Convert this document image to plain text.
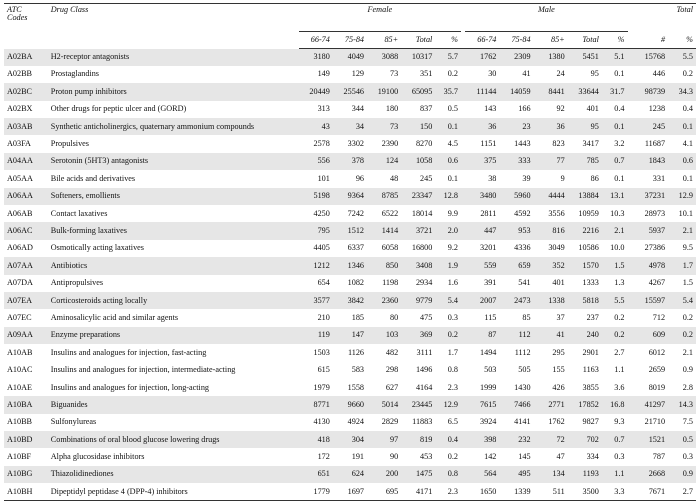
ATC
Codes	Drug Class	Female						Male						Total	
		66-74	75-84	85+	Total	%		66-74	75-84	85+	Total	%		#	%
A02BA	H2-receptor antagonists	3180	4049	3088	10317	5.7		1762	2309	1380	5451	5.1		15768	5.5
A02BB	Prostaglandins	149	129	73	351	0.2		30	41	24	95	0.1		446	0.2
A02BC	Proton pump inhibitors	20449	25546	19100	65095	35.7		11144	14059	8441	33644	31.7		98739	34.3
A02BX	Other drugs for peptic ulcer and (GORD)	313	344	180	837	0.5		143	166	92	401	0.4		1238	0.4
A03AB	Synthetic anticholinergics, quaternary ammonium compounds	43	34	73	150	0.1		36	23	36	95	0.1		245	0.1
A03FA	Propulsives	2578	3302	2390	8270	4.5		1151	1443	823	3417	3.2		11687	4.1
A04AA	Serotonin (5HT3) antagonists	556	378	124	1058	0.6		375	333	77	785	0.7		1843	0.6
A05AA	Bile acids and derivatives	101	96	48	245	0.1		38	39	9	86	0.1		331	0.1
A06AA	Softeners, emollients	5198	9364	8785	23347	12.8		3480	5960	4444	13884	13.1		37231	12.9
A06AB	Contact laxatives	4250	7242	6522	18014	9.9		2811	4592	3556	10959	10.3		28973	10.1
A06AC	Bulk-forming laxatives	795	1512	1414	3721	2.0		447	953	816	2216	2.1		5937	2.1
A06AD	Osmotically acting laxatives	4405	6337	6058	16800	9.2		3201	4336	3049	10586	10.0		27386	9.5
A07AA	Antibiotics	1212	1346	850	3408	1.9		559	659	352	1570	1.5		4978	1.7
A07DA	Antipropulsives	654	1082	1198	2934	1.6		391	541	401	1333	1.3		4267	1.5
A07EA	Corticosteroids acting locally	3577	3842	2360	9779	5.4		2007	2473	1338	5818	5.5		15597	5.4
A07EC	Aminosalicylic acid and similar agents	210	185	80	475	0.3		115	85	37	237	0.2		712	0.2
A09AA	Enzyme preparations	119	147	103	369	0.2		87	112	41	240	0.2		609	0.2
A10AB	Insulins and analogues for injection, fast-acting	1503	1126	482	3111	1.7		1494	1112	295	2901	2.7		6012	2.1
A10AC	Insulins and analogues for injection, intermediate-acting	615	583	298	1496	0.8		503	505	155	1163	1.1		2659	0.9
A10AE	Insulins and analogues for injection, long-acting	1979	1558	627	4164	2.3		1999	1430	426	3855	3.6		8019	2.8
A10BA	Biguanides	8771	9660	5014	23445	12.9		7615	7466	2771	17852	16.8		41297	14.3
A10BB	Sulfonylureas	4130	4924	2829	11883	6.5		3924	4141	1762	9827	9.3		21710	7.5
A10BD	Combinations of oral blood glucose lowering drugs	418	304	97	819	0.4		398	232	72	702	0.7		1521	0.5
A10BF	Alpha glucosidase inhibitors	172	191	90	453	0.2		142	145	47	334	0.3		787	0.3
A10BG	Thiazolidinediones	651	624	200	1475	0.8		564	495	134	1193	1.1		2668	0.9
A10BH	Dipeptidyl peptidase 4 (DPP-4) inhibitors	1779	1697	695	4171	2.3		1650	1339	511	3500	3.3		7671	2.7
